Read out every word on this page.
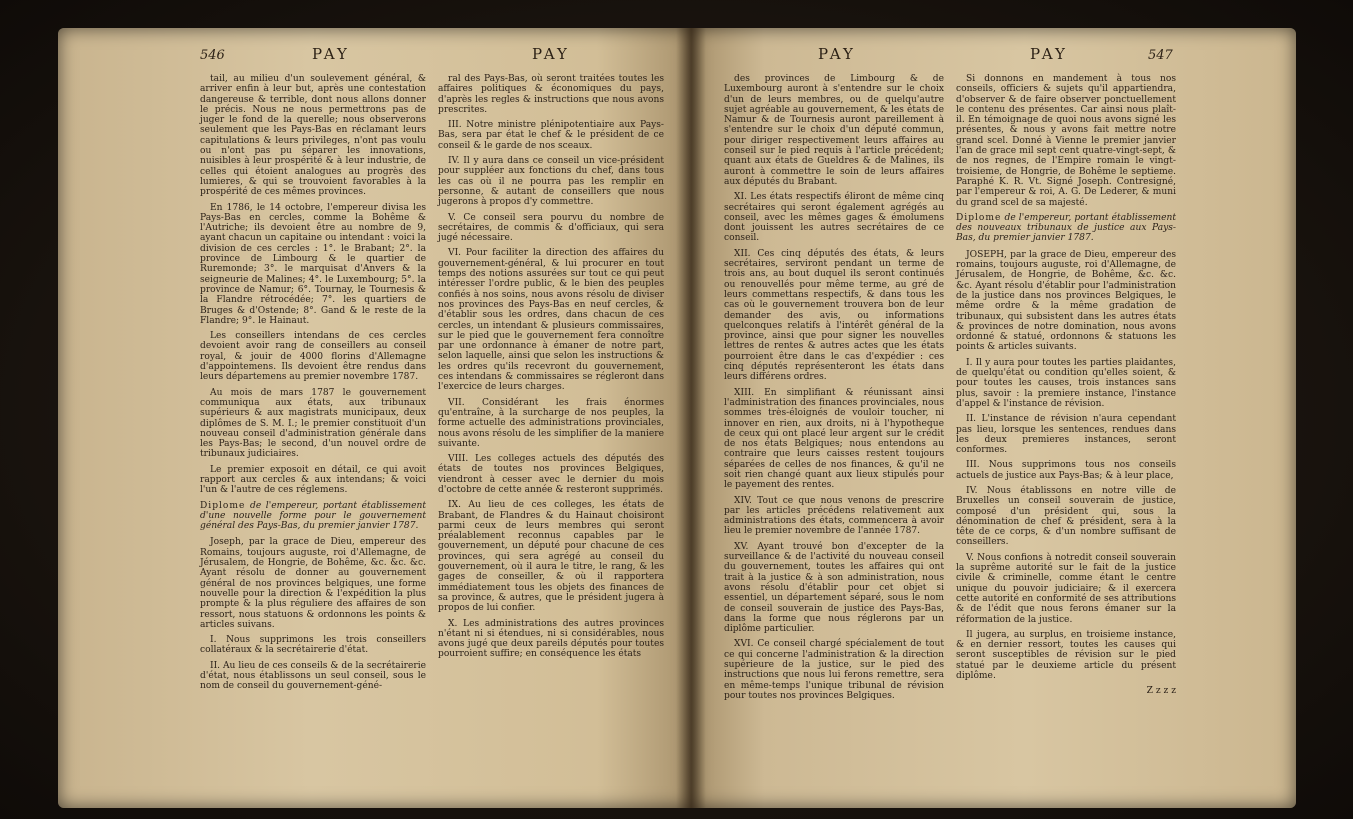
546	PAY	PAY

tail, au milieu d'un soulevement général, & arriver enfin à leur but, après une contestation dangereuse & terrible, dont nous allons donner le précis. Nous ne nous permettrons pas de juger le fond de la querelle; nous observerons seulement que les Pays-Bas en réclamant leurs capitulations & leurs privileges, n'ont pas voulu ou n'ont pas pu séparer les innovations, nuisibles à leur prospérité & à leur industrie, de celles qui étoient analogues au progrès des lumieres, & qui se trouvoient favorables à la prospérité de ces mêmes provinces.

En 1786, le 14 octobre, l'empereur divisa les Pays-Bas en cercles, comme la Bohême & l'Autriche; ils devoient être au nombre de 9, ayant chacun un capitaine ou intendant : voici la division de ces cercles : 1°. le Brabant; 2°. la province de Limbourg & le quartier de Ruremonde; 3°. le marquisat d'Anvers & la seigneurie de Malines; 4°. le Luxembourg; 5°. la province de Namur; 6°. Tournay, le Tournesis & la Flandre rétrocédée; 7°. les quartiers de Bruges & d'Ostende; 8°. Gand & le reste de la Flandre; 9°. le Hainaut.

Les conseillers intendans de ces cercles devoient avoir rang de conseillers au conseil royal, & jouir de 4000 florins d'Allemagne d'appointemens. Ils devoient être rendus dans leurs départemens au premier novembre 1787.

Au mois de mars 1787 le gouvernement communiqua aux états, aux tribunaux supérieurs & aux magistrats municipaux, deux diplômes de S. M. I.; le premier constituoit d'un nouveau conseil d'administration générale dans les Pays-Bas; le second, d'un nouvel ordre de tribunaux judiciaires.

Le premier exposoit en détail, ce qui avoit rapport aux cercles & aux intendans; & voici l'un & l'autre de ces réglemens.

Diplome de l'empereur, portant établissement d'une nouvelle forme pour le gouvernement général des Pays-Bas, du premier janvier 1787.

Joseph, par la grace de Dieu, empereur des Romains, toujours auguste, roi d'Allemagne, de Jérusalem, de Hongrie, de Bohême, &c. &c. &c. Ayant résolu de donner au gouvernement général de nos provinces belgiques, une forme nouvelle pour la direction & l'expédition la plus prompte & la plus réguliere des affaires de son ressort, nous statuons & ordonnons les points & articles suivans.

I. Nous supprimons les trois conseillers collatéraux & la secrétairerie d'état.

II. Au lieu de ces conseils & de la secrétairerie d'état, nous établissons un seul conseil, sous le nom de conseil du gouvernement-géné-

ral des Pays-Bas, où seront traitées toutes les affaires politiques & économiques du pays, d'après les regles & instructions que nous avons prescrites.

III. Notre ministre plénipotentiaire aux Pays-Bas, sera par état le chef & le président de ce conseil & le garde de nos sceaux.

IV. Il y aura dans ce conseil un vice-président pour suppléer aux fonctions du chef, dans tous les cas où il ne pourra pas les remplir en personne, & autant de conseillers que nous jugerons à propos d'y commettre.

V. Ce conseil sera pourvu du nombre de secrétaires, de commis & d'officiaux, qui sera jugé nécessaire.

VI. Pour faciliter la direction des affaires du gouvernement-général, & lui procurer en tout temps des notions assurées sur tout ce qui peut intéresser l'ordre public, & le bien des peuples confiés à nos soins, nous avons résolu de diviser nos provinces des Pays-Bas en neuf cercles, & d'établir sous les ordres, dans chacun de ces cercles, un intendant & plusieurs commissaires, sur le pied que le gouvernement fera connoître par une ordonnance à émaner de notre part, selon laquelle, ainsi que selon les instructions & les ordres qu'ils recevront du gouvernement, ces intendans & commissaires se régleront dans l'exercice de leurs charges.

VII. Considérant les frais énormes qu'entraîne, à la surcharge de nos peuples, la forme actuelle des administrations provinciales, nous avons résolu de les simplifier de la maniere suivante.

VIII. Les colleges actuels des députés des états de toutes nos provinces Belgiques, viendront à cesser avec le dernier du mois d'octobre de cette année & resteront supprimés.

IX. Au lieu de ces colleges, les états de Brabant, de Flandres & du Hainaut choisiront parmi ceux de leurs membres qui seront préalablement reconnus capables par le gouvernement, un député pour chacune de ces provinces, qui sera agrégé au conseil du gouvernement, où il aura le titre, le rang, & les gages de conseiller, & où il rapportera immédiatement tous les objets des finances de sa province, & autres, que le président jugera à propos de lui confier.

X. Les administrations des autres provinces n'étant ni si étendues, ni si considérables, nous avons jugé que deux pareils députés pour toutes pourroient suffire; en conséquence les états

PAY	PAY	547

des provinces de Limbourg & de Luxembourg auront à s'entendre sur le choix d'un de leurs membres, ou de quelqu'autre sujet agréable au gouvernement, & les états de Namur & de Tournesis auront pareillement à s'entendre sur le choix d'un député commun, pour diriger respectivement leurs affaires au conseil sur le pied requis à l'article précédent; quant aux états de Gueldres & de Malines, ils auront à commettre le soin de leurs affaires aux députés du Brabant.

XI. Les états respectifs éliront de même cinq secrétaires qui seront également agrégés au conseil, avec les mêmes gages & émolumens dont jouissent les autres secrétaires de ce conseil.

XII. Ces cinq députés des états, & leurs secrétaires, serviront pendant un terme de trois ans, au bout duquel ils seront continués ou renouvellés pour même terme, au gré de leurs commettans respectifs, & dans tous les cas où le gouvernement trouvera bon de leur demander des avis, ou informations quelconques relatifs à l'intérêt général de la province, ainsi que pour signer les nouvelles lettres de rentes & autres actes que les états pourroient être dans le cas d'expédier : ces cinq députés représenteront les états dans leurs différens ordres.

XIII. En simplifiant & réunissant ainsi l'administration des finances provinciales, nous sommes très-éloignés de vouloir toucher, ni innover en rien, aux droits, ni à l'hypotheque de ceux qui ont placé leur argent sur le crédit de nos états Belgiques; nous entendons au contraire que leurs caisses restent toujours séparées de celles de nos finances, & qu'il ne soit rien changé quant aux lieux stipulés pour le payement des rentes.

XIV. Tout ce que nous venons de prescrire par les articles précédens relativement aux administrations des états, commencera à avoir lieu le premier novembre de l'année 1787.

XV. Ayant trouvé bon d'excepter de la surveillance & de l'activité du nouveau conseil du gouvernement, toutes les affaires qui ont trait à la justice & à son administration, nous avons résolu d'établir pour cet objet si essentiel, un département séparé, sous le nom de conseil souverain de justice des Pays-Bas, dans la forme que nous réglerons par un diplôme particulier.

XVI. Ce conseil chargé spécialement de tout ce qui concerne l'administration & la direction supérieure de la justice, sur le pied des instructions que nous lui ferons remettre, sera en même-temps l'unique tribunal de révision pour toutes nos provinces Belgiques.

Si donnons en mandement à tous nos conseils, officiers & sujets qu'il appartiendra, d'observer & de faire observer ponctuellement le contenu des présentes. Car ainsi nous plaît-il. En témoignage de quoi nous avons signé les présentes, & nous y avons fait mettre notre grand scel. Donné à Vienne le premier janvier l'an de grace mil sept cent quatre-vingt-sept, & de nos regnes, de l'Empire romain le vingt-troisieme, de Hongrie, de Bohême le septieme. Paraphé K. R. Vt. Signé Joseph. Contresigné, par l'empereur & roi, A. G. De Lederer, & muni du grand scel de sa majesté.

Diplome de l'empereur, portant établissement des nouveaux tribunaux de justice aux Pays-Bas, du premier janvier 1787.

JOSEPH, par la grace de Dieu, empereur des romains, toujours auguste, roi d'Allemagne, de Jérusalem, de Hongrie, de Bohême, &c. &c. &c. Ayant résolu d'établir pour l'administration de la justice dans nos provinces Belgiques, le même ordre & la même gradation de tribunaux, qui subsistent dans les autres états & provinces de notre domination, nous avons ordonné & statué, ordonnons & statuons les points & articles suivants.

I. Il y aura pour toutes les parties plaidantes, de quelqu'état ou condition qu'elles soient, & pour toutes les causes, trois instances sans plus, savoir : la premiere instance, l'instance d'appel & l'instance de révision.

II. L'instance de révision n'aura cependant pas lieu, lorsque les sentences, rendues dans les deux premieres instances, seront conformes.

III. Nous supprimons tous nos conseils actuels de justice aux Pays-Bas; & à leur place,

IV. Nous établissons en notre ville de Bruxelles un conseil souverain de justice, composé d'un président qui, sous la dénomination de chef & président, sera à la tête de ce corps, & d'un nombre suffisant de conseillers.

V. Nous confions à notredit conseil souverain la suprême autorité sur le fait de la justice civile & criminelle, comme étant le centre unique du pouvoir judiciaire; & il exercera cette autorité en conformité de ses attributions & de l'édit que nous ferons émaner sur la réformation de la justice.

Il jugera, au surplus, en troisieme instance, & en dernier ressort, toutes les causes qui seront susceptibles de révision sur le pied statué par le deuxieme article du présent diplôme.

Z z z z
